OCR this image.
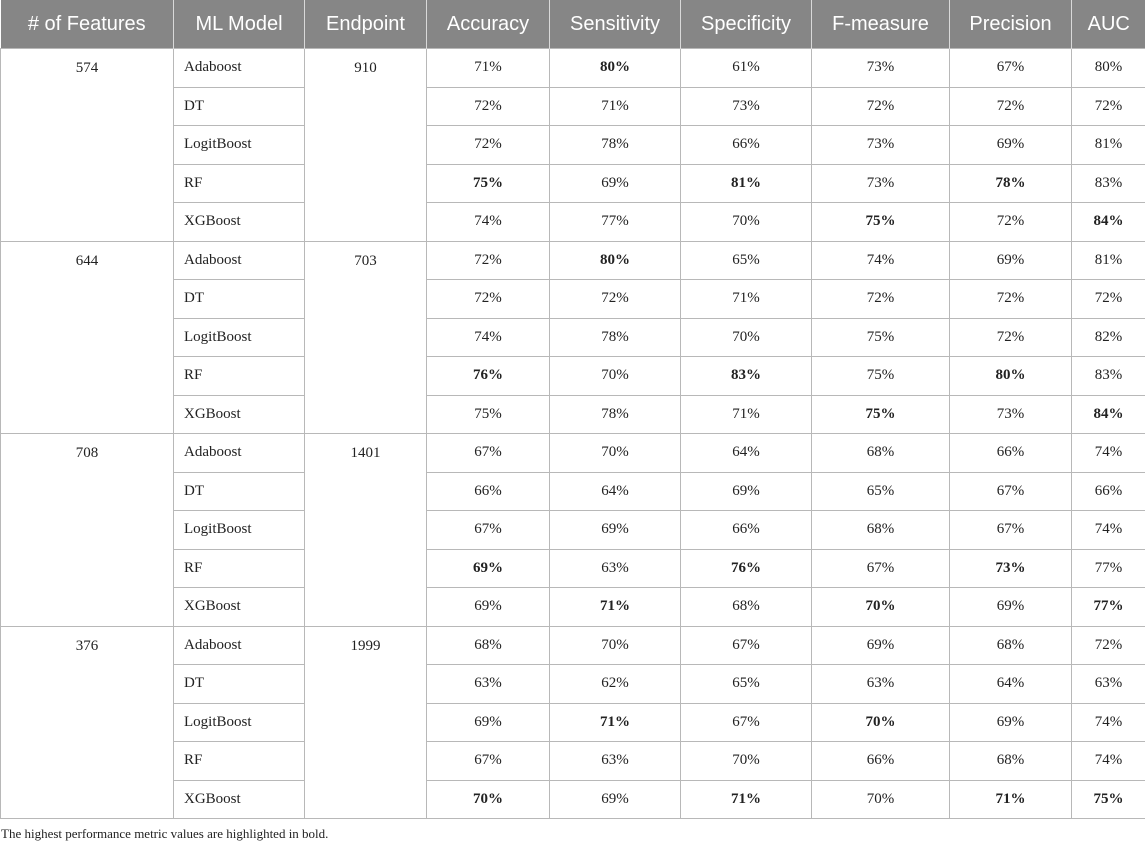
# of Features	ML Model	Endpoint	Accuracy	Sensitivity	Specificity	F-measure	Precision	AUC
574	Adaboost	910	71%	80%	61%	73%	67%	80%
	DT		72%	71%	73%	72%	72%	72%
	LogitBoost		72%	78%	66%	73%	69%	81%
	RF		75%	69%	81%	73%	78%	83%
	XGBoost		74%	77%	70%	75%	72%	84%
644	Adaboost	703	72%	80%	65%	74%	69%	81%
	DT		72%	72%	71%	72%	72%	72%
	LogitBoost		74%	78%	70%	75%	72%	82%
	RF		76%	70%	83%	75%	80%	83%
	XGBoost		75%	78%	71%	75%	73%	84%
708	Adaboost	1401	67%	70%	64%	68%	66%	74%
	DT		66%	64%	69%	65%	67%	66%
	LogitBoost		67%	69%	66%	68%	67%	74%
	RF		69%	63%	76%	67%	73%	77%
	XGBoost		69%	71%	68%	70%	69%	77%
376	Adaboost	1999	68%	70%	67%	69%	68%	72%
	DT		63%	62%	65%	63%	64%	63%
	LogitBoost		69%	71%	67%	70%	69%	74%
	RF		67%	63%	70%	66%	68%	74%
	XGBoost		70%	69%	71%	70%	71%	75%
The highest performance metric values are highlighted in bold.
